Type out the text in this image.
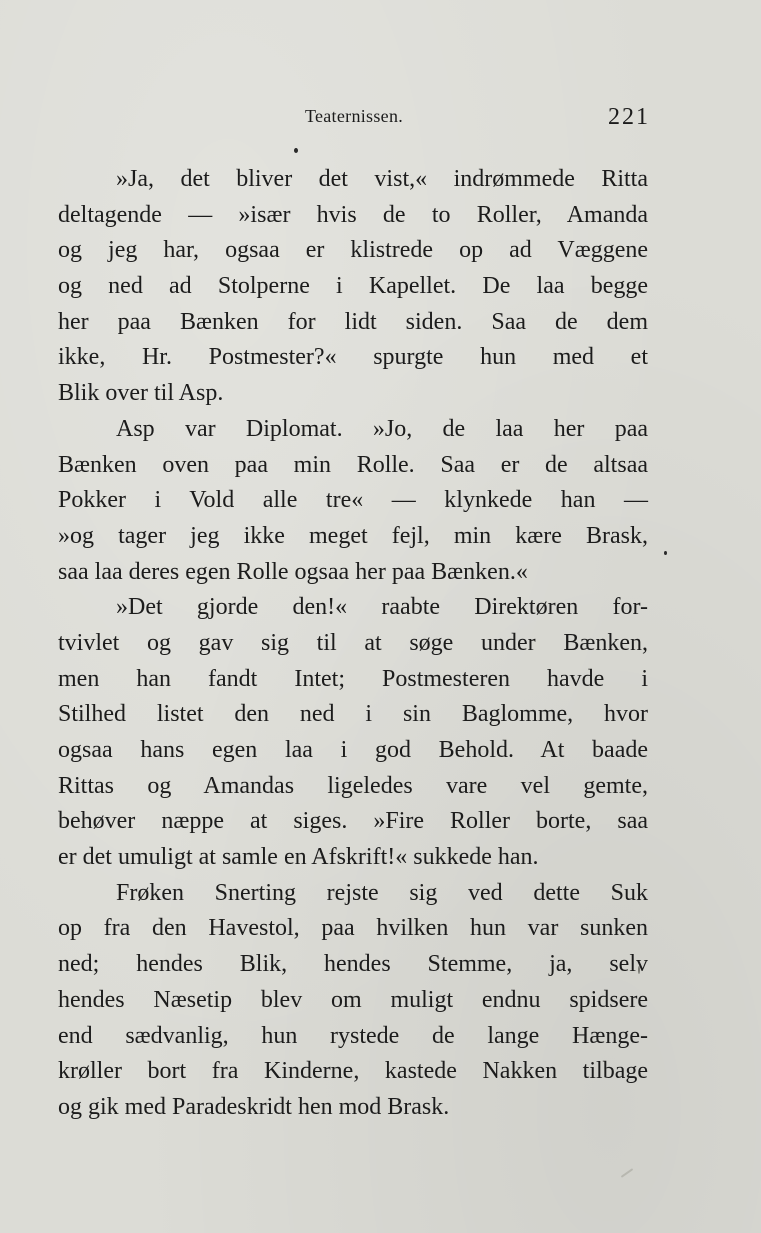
Teaternissen.	221
»Ja, det bliver det vist,« indrømmede Ritta
deltagende — »især hvis de to Roller, Amanda
og jeg har, ogsaa er klistrede op ad Væggene
og ned ad Stolperne i Kapellet. De laa begge
her paa Bænken for lidt siden. Saa de dem
ikke, Hr. Postmester?« spurgte hun med et
Blik over til Asp.
Asp var Diplomat. »Jo, de laa her paa
Bænken oven paa min Rolle. Saa er de altsaa
Pokker i Vold alle tre« — klynkede han —
»og tager jeg ikke meget fejl, min kære Brask,
saa laa deres egen Rolle ogsaa her paa Bænken.«
»Det gjorde den!« raabte Direktøren for-
tvivlet og gav sig til at søge under Bænken,
men han fandt Intet; Postmesteren havde i
Stilhed listet den ned i sin Baglomme, hvor
ogsaa hans egen laa i god Behold. At baade
Rittas og Amandas ligeledes vare vel gemte,
behøver næppe at siges. »Fire Roller borte, saa
er det umuligt at samle en Afskrift!« sukkede han.
Frøken Snerting rejste sig ved dette Suk
op fra den Havestol, paa hvilken hun var sunken
ned; hendes Blik, hendes Stemme, ja, selv
hendes Næsetip blev om muligt endnu spidsere
end sædvanlig, hun rystede de lange Hænge-
krøller bort fra Kinderne, kastede Nakken tilbage
og gik med Paradeskridt hen mod Brask.
